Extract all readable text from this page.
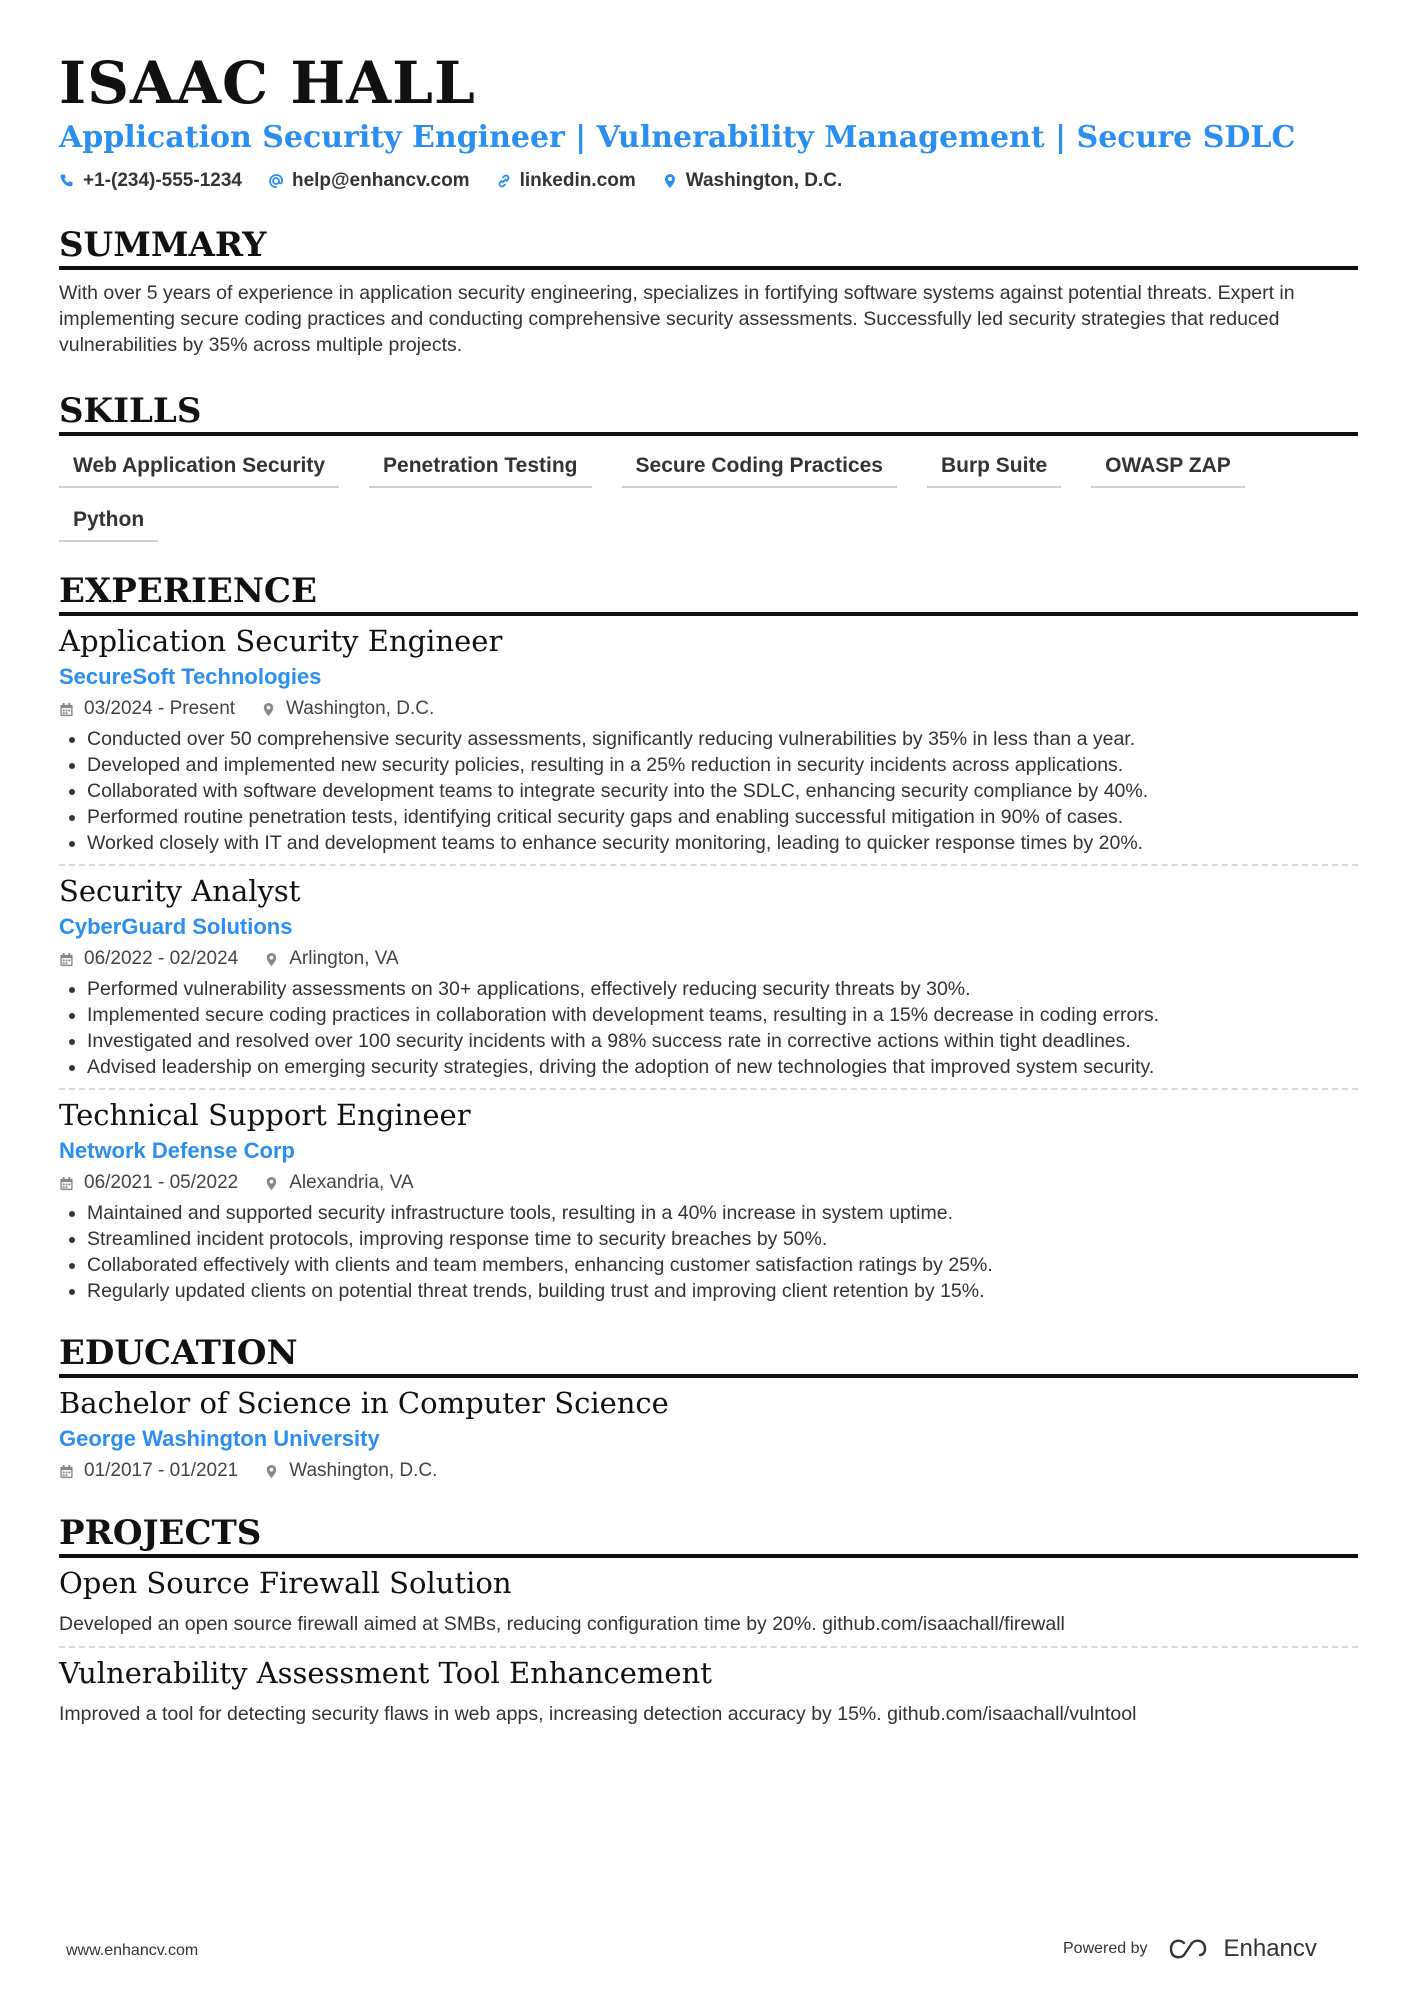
ISAAC HALL
Application Security Engineer | Vulnerability Management | Secure SDLC
+1-(234)-555-1234	help@enhancv.com	linkedin.com	Washington, D.C.
SUMMARY
With over 5 years of experience in application security engineering, specializes in fortifying software systems against potential threats. Expert in implementing secure coding practices and conducting comprehensive security assessments. Successfully led security strategies that reduced vulnerabilities by 35% across multiple projects.
SKILLS
Web Application Security	Penetration Testing	Secure Coding Practices	Burp Suite	OWASP ZAP
Python
EXPERIENCE
Application Security Engineer
SecureSoft Technologies
03/2024 - Present	Washington, D.C.
• Conducted over 50 comprehensive security assessments, significantly reducing vulnerabilities by 35% in less than a year.
• Developed and implemented new security policies, resulting in a 25% reduction in security incidents across applications.
• Collaborated with software development teams to integrate security into the SDLC, enhancing security compliance by 40%.
• Performed routine penetration tests, identifying critical security gaps and enabling successful mitigation in 90% of cases.
• Worked closely with IT and development teams to enhance security monitoring, leading to quicker response times by 20%.
Security Analyst
CyberGuard Solutions
06/2022 - 02/2024	Arlington, VA
• Performed vulnerability assessments on 30+ applications, effectively reducing security threats by 30%.
• Implemented secure coding practices in collaboration with development teams, resulting in a 15% decrease in coding errors.
• Investigated and resolved over 100 security incidents with a 98% success rate in corrective actions within tight deadlines.
• Advised leadership on emerging security strategies, driving the adoption of new technologies that improved system security.
Technical Support Engineer
Network Defense Corp
06/2021 - 05/2022	Alexandria, VA
• Maintained and supported security infrastructure tools, resulting in a 40% increase in system uptime.
• Streamlined incident protocols, improving response time to security breaches by 50%.
• Collaborated effectively with clients and team members, enhancing customer satisfaction ratings by 25%.
• Regularly updated clients on potential threat trends, building trust and improving client retention by 15%.
EDUCATION
Bachelor of Science in Computer Science
George Washington University
01/2017 - 01/2021	Washington, D.C.
PROJECTS
Open Source Firewall Solution
Developed an open source firewall aimed at SMBs, reducing configuration time by 20%. github.com/isaachall/firewall
Vulnerability Assessment Tool Enhancement
Improved a tool for detecting security flaws in web apps, increasing detection accuracy by 15%. github.com/isaachall/vulntool
www.enhancv.com	Powered by	Enhancv
